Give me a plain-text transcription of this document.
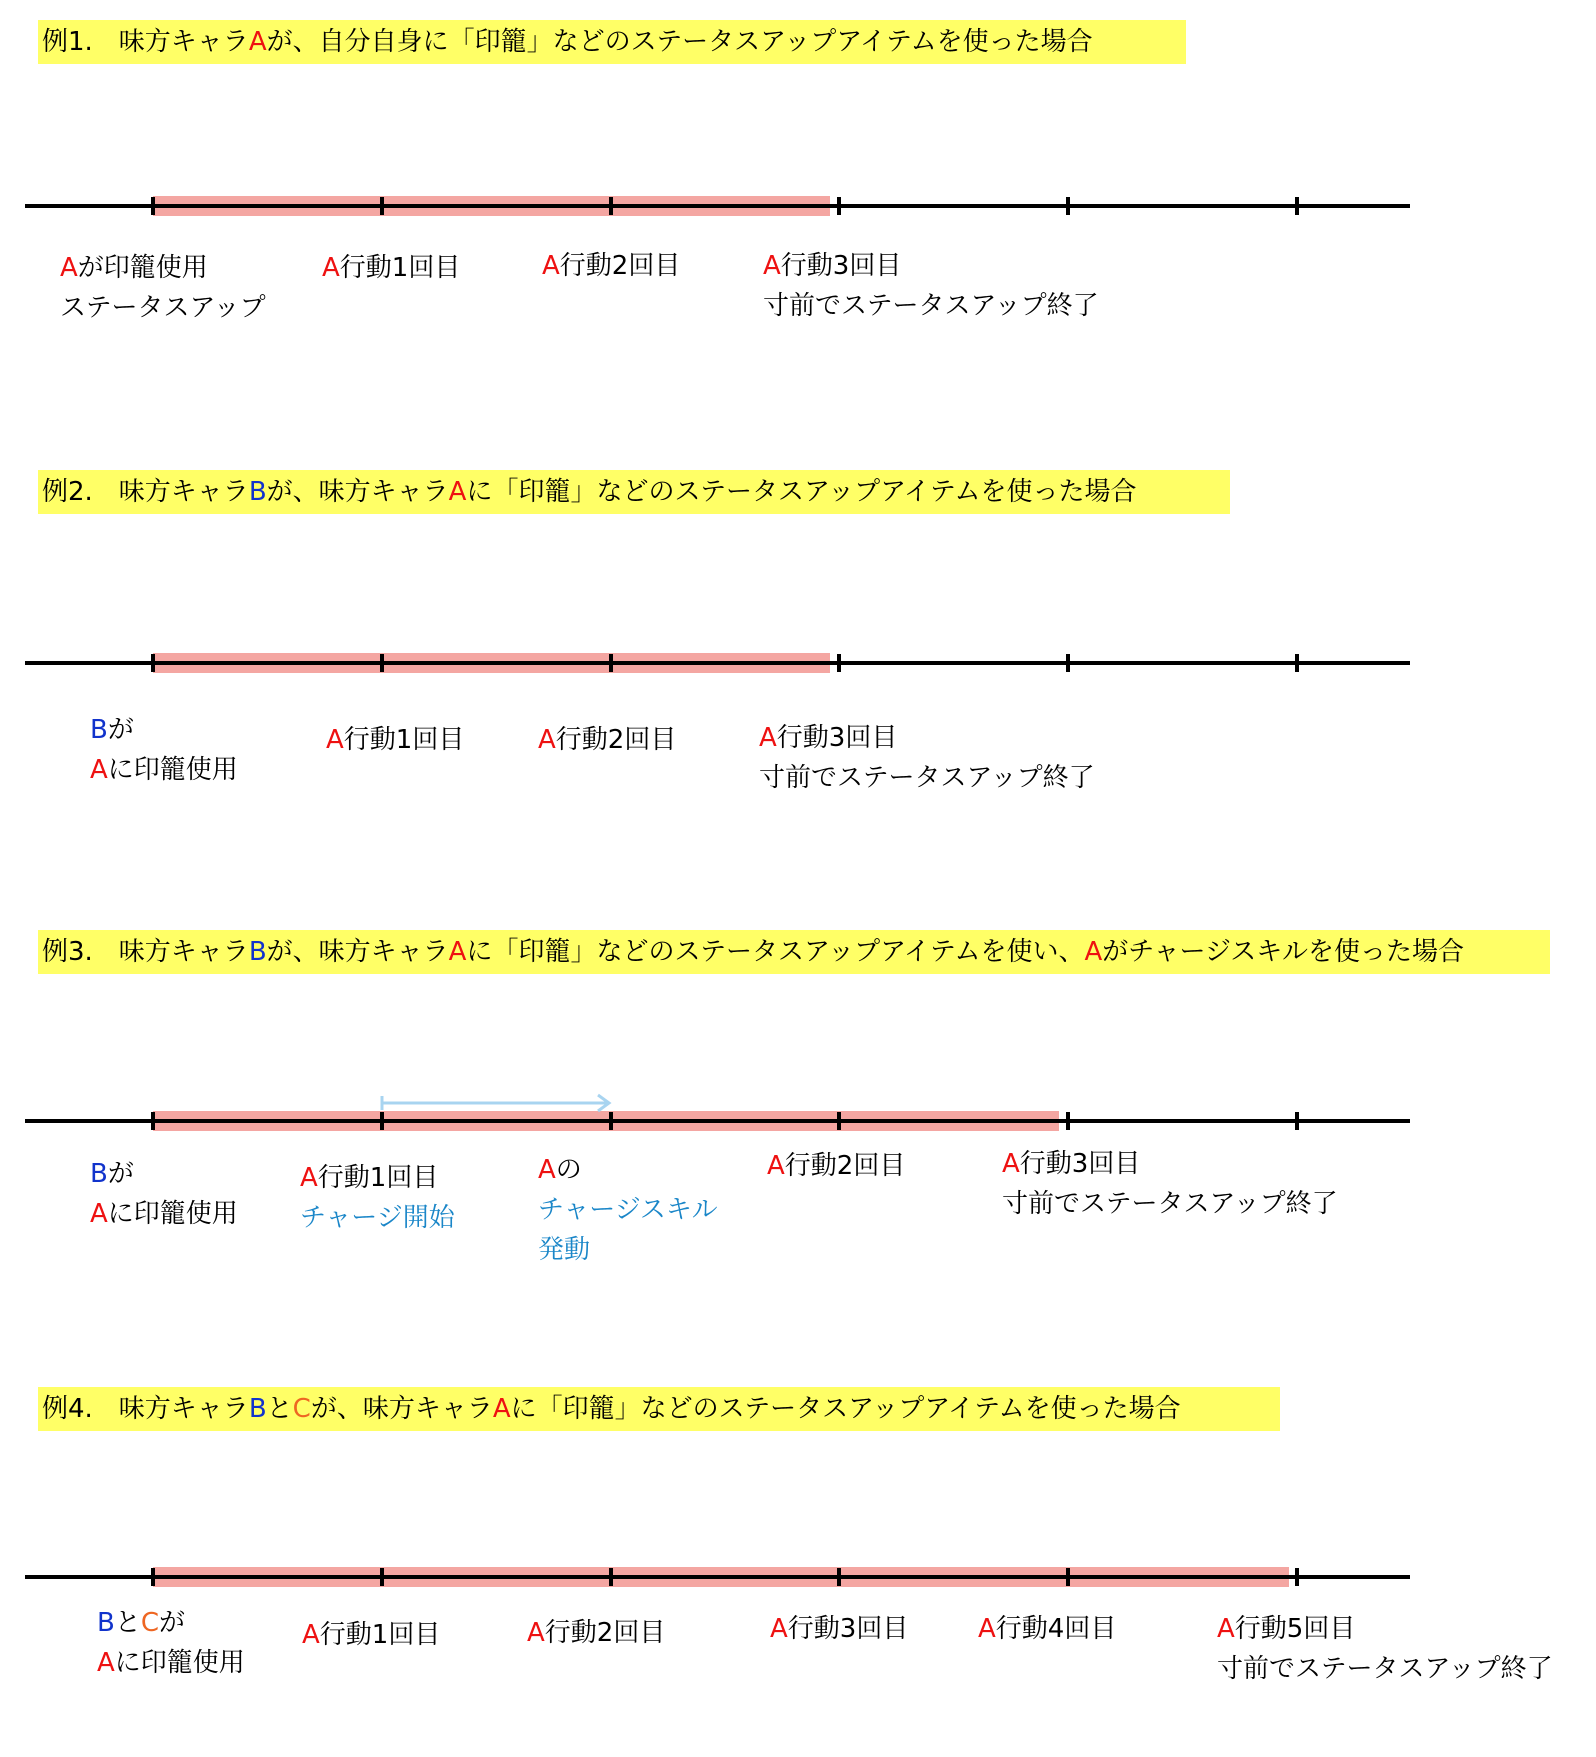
例1.　味方キャラAが、自分自身に「印籠」などのステータスアップアイテムを使った場合
Aが印籠使用
ステータスアップ
A行動1回目	A行動2回目	A行動3回目
寸前でステータスアップ終了
例2.　味方キャラBが、味方キャラAに「印籠」などのステータスアップアイテムを使った場合
Bが
Aに印籠使用
A行動1回目	A行動2回目	A行動3回目
寸前でステータスアップ終了
例3.　味方キャラBが、味方キャラAに「印籠」などのステータスアップアイテムを使い、Aがチャージスキルを使った場合
Bが
Aに印籠使用
A行動1回目
チャージ開始
Aの
チャージスキル
発動
A行動2回目	A行動3回目
寸前でステータスアップ終了
例4.　味方キャラBとCが、味方キャラAに「印籠」などのステータスアップアイテムを使った場合
BとCが
Aに印籠使用
A行動1回目	A行動2回目	A行動3回目	A行動4回目	A行動5回目
寸前でステータスアップ終了
